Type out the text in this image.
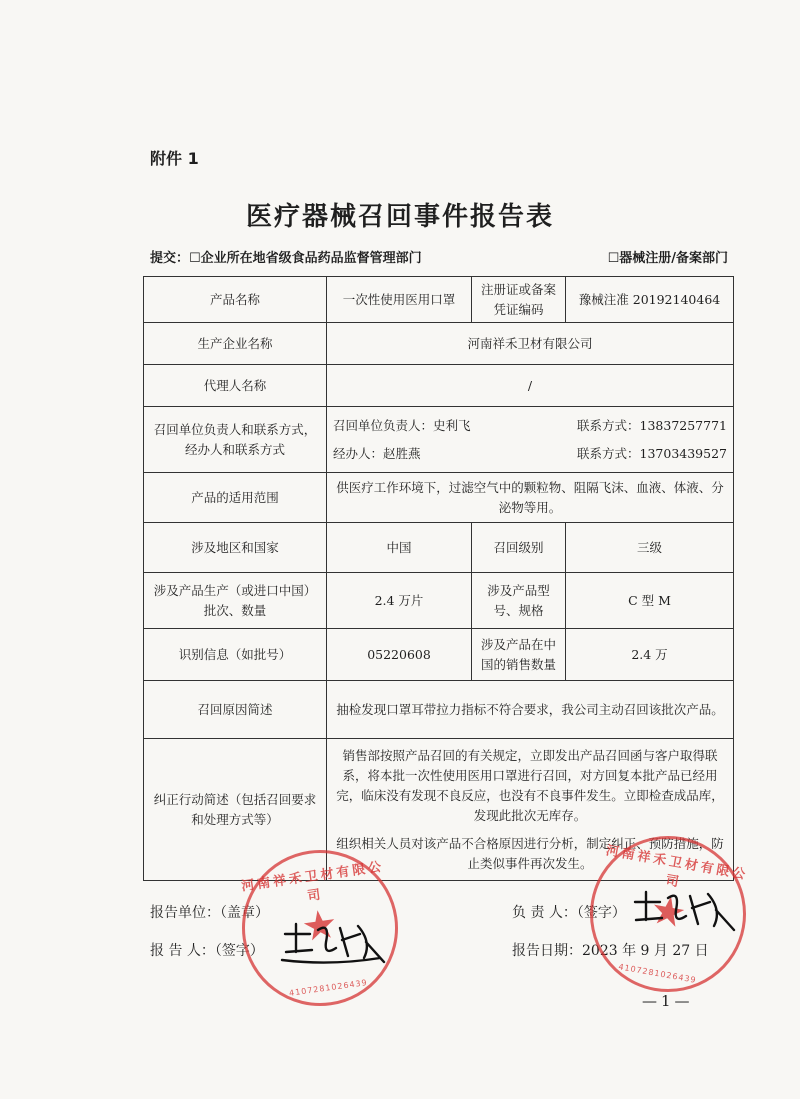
附件 1
医疗器械召回事件报告表
提交：☐企业所在地省级食品药品监督管理部门	☐器械注册/备案部门
产品名称	一次性使用医用口罩	注册证或备案凭证编码	豫械注准 20192140464
生产企业名称	河南祥禾卫材有限公司		
代理人名称	/		
召回单位负责人和联系方式，经办人和联系方式	召回单位负责人：史利飞 联系方式：13837257771
经办人：赵胜燕 联系方式：13703439527		

产品的适用范围	供医疗工作环境下，过滤空气中的颗粒物、阻隔飞沫、血液、体液、分泌物等用。		
涉及地区和国家	中国	召回级别	三级
涉及产品生产（或进口中国）批次、数量	2.4 万片	涉及产品型号、规格	C 型 M
识别信息（如批号）	05220608	涉及产品在中国的销售数量	2.4 万
召回原因简述	抽检发现口罩耳带拉力指标不符合要求，我公司主动召回该批次产品。		
纠正行动简述（包括召回要求和处理方式等）	销售部按照产品召回的有关规定，立即发出产品召回函与客户取得联系，将本批一次性使用医用口罩进行召回，对方回复本批产品已经用完，临床没有发现不良反应，也没有不良事件发生。立即检查成品库，发现此批次无库存。
组织相关人员对该产品不合格原因进行分析，制定纠正、预防措施，防止类似事件再次发生。		
报告单位：（盖章）
报 告 人：（签字）
负 责 人：（签字）
报告日期：2023 年 9 月 27 日
—1—
河南祥禾卫材有限公司
★
4107281026439
河南祥禾卫材有限公司
★
4107281026439
